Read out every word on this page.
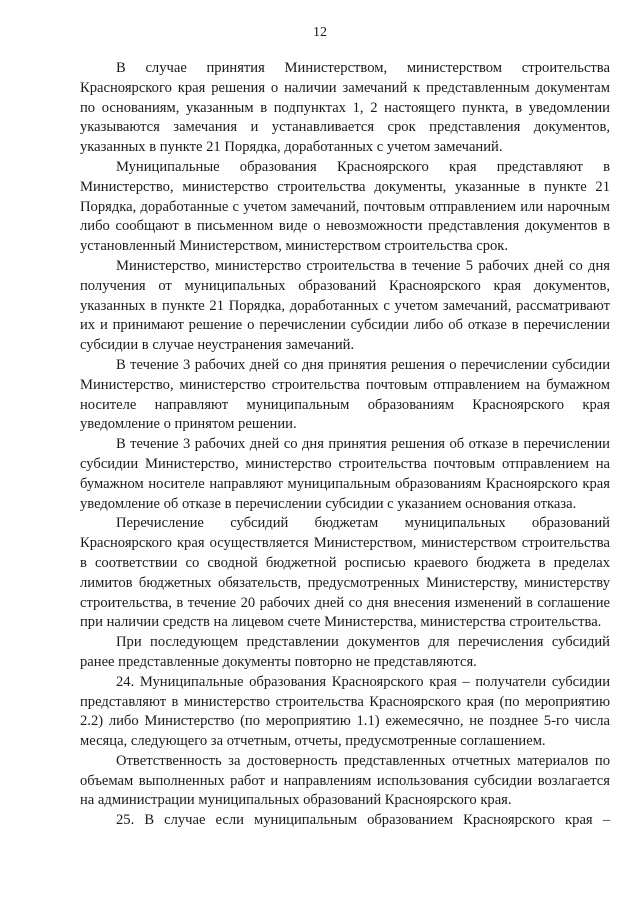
12

В случае принятия Министерством, министерством строительства Красноярского края решения о наличии замечаний к представленным документам по основаниям, указанным в подпунктах 1, 2 настоящего пункта, в уведомлении указываются замечания и устанавливается срок представления документов, указанных в пункте 21 Порядка, доработанных с учетом замечаний.

Муниципальные образования Красноярского края представляют в Министерство, министерство строительства документы, указанные в пункте 21 Порядка, доработанные с учетом замечаний, почтовым отправлением или нарочным либо сообщают в письменном виде о невозможности представления документов в установленный Министерством, министерством строительства срок.

Министерство, министерство строительства в течение 5 рабочих дней со дня получения от муниципальных образований Красноярского края документов, указанных в пункте 21 Порядка, доработанных с учетом замечаний, рассматривают их и принимают решение о перечислении субсидии либо об отказе в перечислении субсидии в случае неустранения замечаний.

В течение 3 рабочих дней со дня принятия решения о перечислении субсидии Министерство, министерство строительства почтовым отправлением на бумажном носителе направляют муниципальным образованиям Красноярского края уведомление о принятом решении.

В течение 3 рабочих дней со дня принятия решения об отказе в перечислении субсидии Министерство, министерство строительства почтовым отправлением на бумажном носителе направляют муниципальным образованиям Красноярского края уведомление об отказе в перечислении субсидии с указанием основания отказа.

Перечисление субсидий бюджетам муниципальных образований Красноярского края осуществляется Министерством, министерством строительства в соответствии со сводной бюджетной росписью краевого бюджета в пределах лимитов бюджетных обязательств, предусмотренных Министерству, министерству строительства, в течение 20 рабочих дней со дня внесения изменений в соглашение при наличии средств на лицевом счете Министерства, министерства строительства.

При последующем представлении документов для перечисления субсидий ранее представленные документы повторно не представляются.

24. Муниципальные образования Красноярского края – получатели субсидии представляют в министерство строительства Красноярского края (по мероприятию 2.2) либо Министерство (по мероприятию 1.1) ежемесячно, не позднее 5-го числа месяца, следующего за отчетным, отчеты, предусмотренные соглашением.

Ответственность за достоверность представленных отчетных материалов по объемам выполненных работ и направлениям использования субсидии возлагается на администрации муниципальных образований Красноярского края.

25. В случае если муниципальным образованием Красноярского края –
